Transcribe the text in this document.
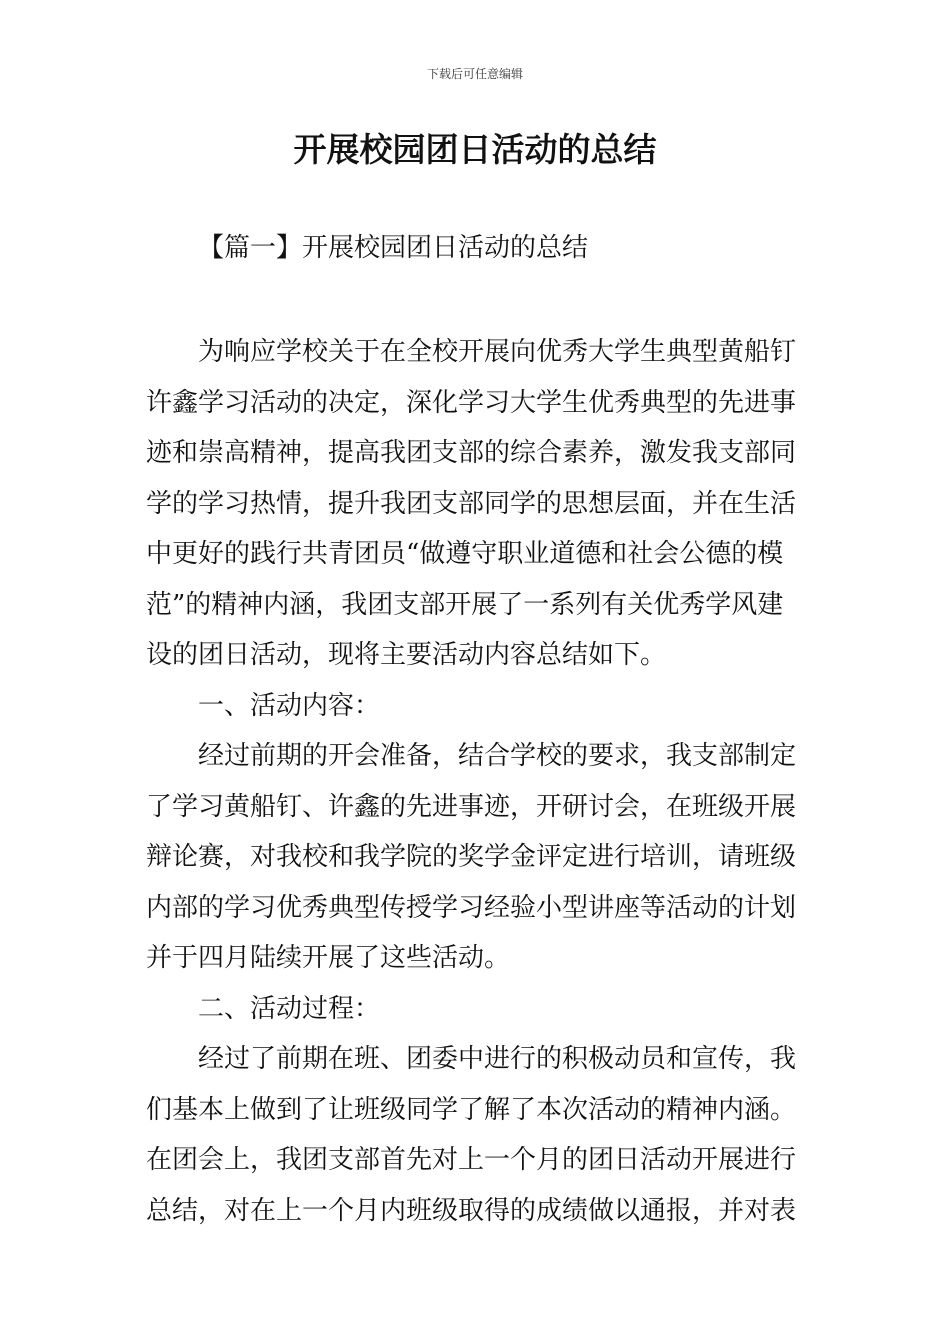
下载后可任意编辑
开展校园团日活动的总结
【篇一】开展校园团日活动的总结

为响应学校关于在全校开展向优秀大学生典型黄船钉许鑫学习活动的决定，深化学习大学生优秀典型的先进事迹和崇高精神，提高我团支部的综合素养，激发我支部同学的学习热情，提升我团支部同学的思想层面，并在生活中更好的践行共青团员“做遵守职业道德和社会公德的模范”的精神内涵，我团支部开展了一系列有关优秀学风建设的团日活动，现将主要活动内容总结如下。

一、活动内容：

经过前期的开会准备，结合学校的要求，我支部制定了学习黄船钉、许鑫的先进事迹，开研讨会，在班级开展辩论赛，对我校和我学院的奖学金评定进行培训，请班级内部的学习优秀典型传授学习经验小型讲座等活动的计划并于四月陆续开展了这些活动。

二、活动过程：

经过了前期在班、团委中进行的积极动员和宣传，我们基本上做到了让班级同学了解了本次活动的精神内涵。在团会上，我团支部首先对上一个月的团日活动开展进行总结，对在上一个月内班级取得的成绩做以通报，并对表
